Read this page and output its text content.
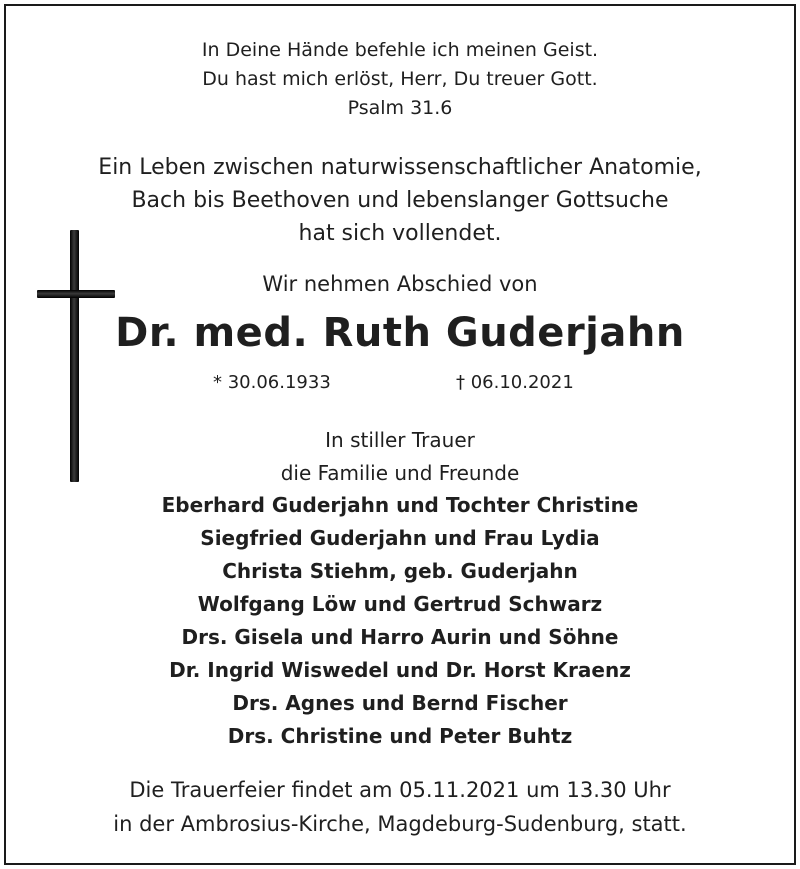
In Deine Hände befehle ich meinen Geist.
Du hast mich erlöst, Herr, Du treuer Gott.
Psalm 31.6
Ein Leben zwischen naturwissenschaftlicher Anatomie,
Bach bis Beethoven und lebenslanger Gottsuche
hat sich vollendet.
Wir nehmen Abschied von
Dr. med. Ruth Guderjahn
* 30.06.1933	† 06.10.2021
In stiller Trauer
die Familie und Freunde
Eberhard Guderjahn und Tochter Christine
Siegfried Guderjahn und Frau Lydia
Christa Stiehm, geb. Guderjahn
Wolfgang Löw und Gertrud Schwarz
Drs. Gisela und Harro Aurin und Söhne
Dr. Ingrid Wiswedel und Dr. Horst Kraenz
Drs. Agnes und Bernd Fischer
Drs. Christine und Peter Buhtz
Die Trauerfeier findet am 05.11.2021 um 13.30 Uhr
in der Ambrosius-Kirche, Magdeburg-Sudenburg, statt.
